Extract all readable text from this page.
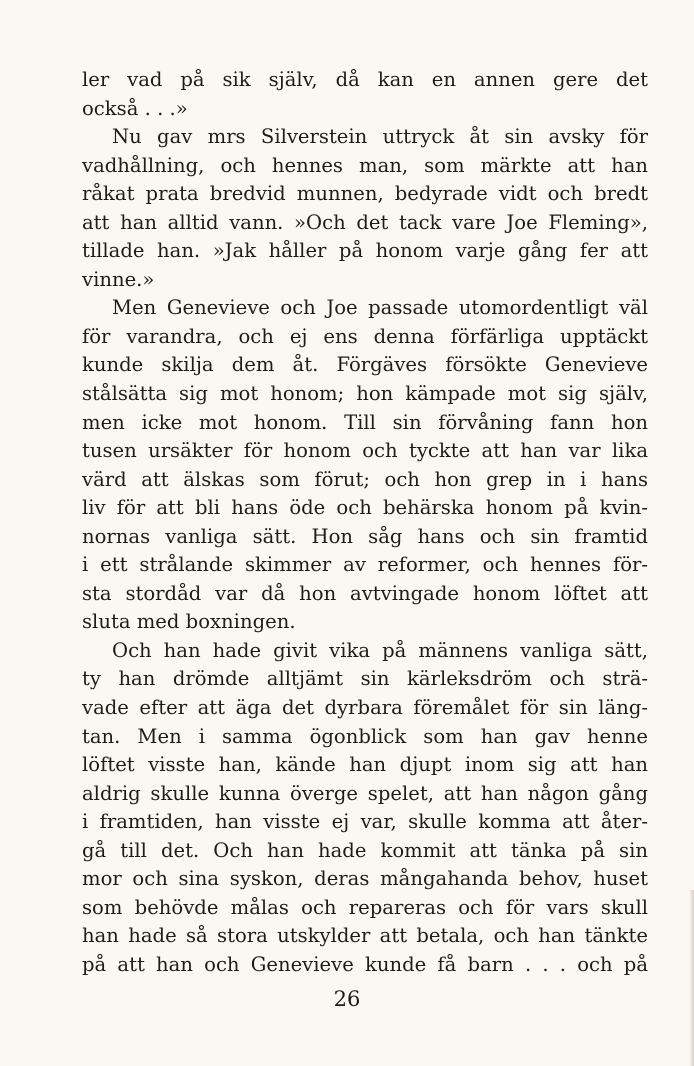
ler vad på sik själv, då kan en annen gere det
också . . .»
Nu gav mrs Silverstein uttryck åt sin avsky för
vadhållning, och hennes man, som märkte att han
råkat prata bredvid munnen, bedyrade vidt och bredt
att han alltid vann. »Och det tack vare Joe Fleming»,
tillade han. »Jak håller på honom varje gång fer att
vinne.»
Men Genevieve och Joe passade utomordentligt väl
för varandra, och ej ens denna förfärliga upptäckt
kunde skilja dem åt. Förgäves försökte Genevieve
stålsätta sig mot honom; hon kämpade mot sig själv,
men icke mot honom. Till sin förvåning fann hon
tusen ursäkter för honom och tyckte att han var lika
värd att älskas som förut; och hon grep in i hans
liv för att bli hans öde och behärska honom på kvin-
nornas vanliga sätt. Hon såg hans och sin framtid
i ett strålande skimmer av reformer, och hennes för-
sta stordåd var då hon avtvingade honom löftet att
sluta med boxningen.
Och han hade givit vika på männens vanliga sätt,
ty han drömde alltjämt sin kärleksdröm och strä-
vade efter att äga det dyrbara föremålet för sin läng-
tan. Men i samma ögonblick som han gav henne
löftet visste han, kände han djupt inom sig att han
aldrig skulle kunna överge spelet, att han någon gång
i framtiden, han visste ej var, skulle komma att åter-
gå till det. Och han hade kommit att tänka på sin
mor och sina syskon, deras mångahanda behov, huset
som behövde målas och repareras och för vars skull
han hade så stora utskylder att betala, och han tänkte
på att han och Genevieve kunde få barn . . . och på
26
